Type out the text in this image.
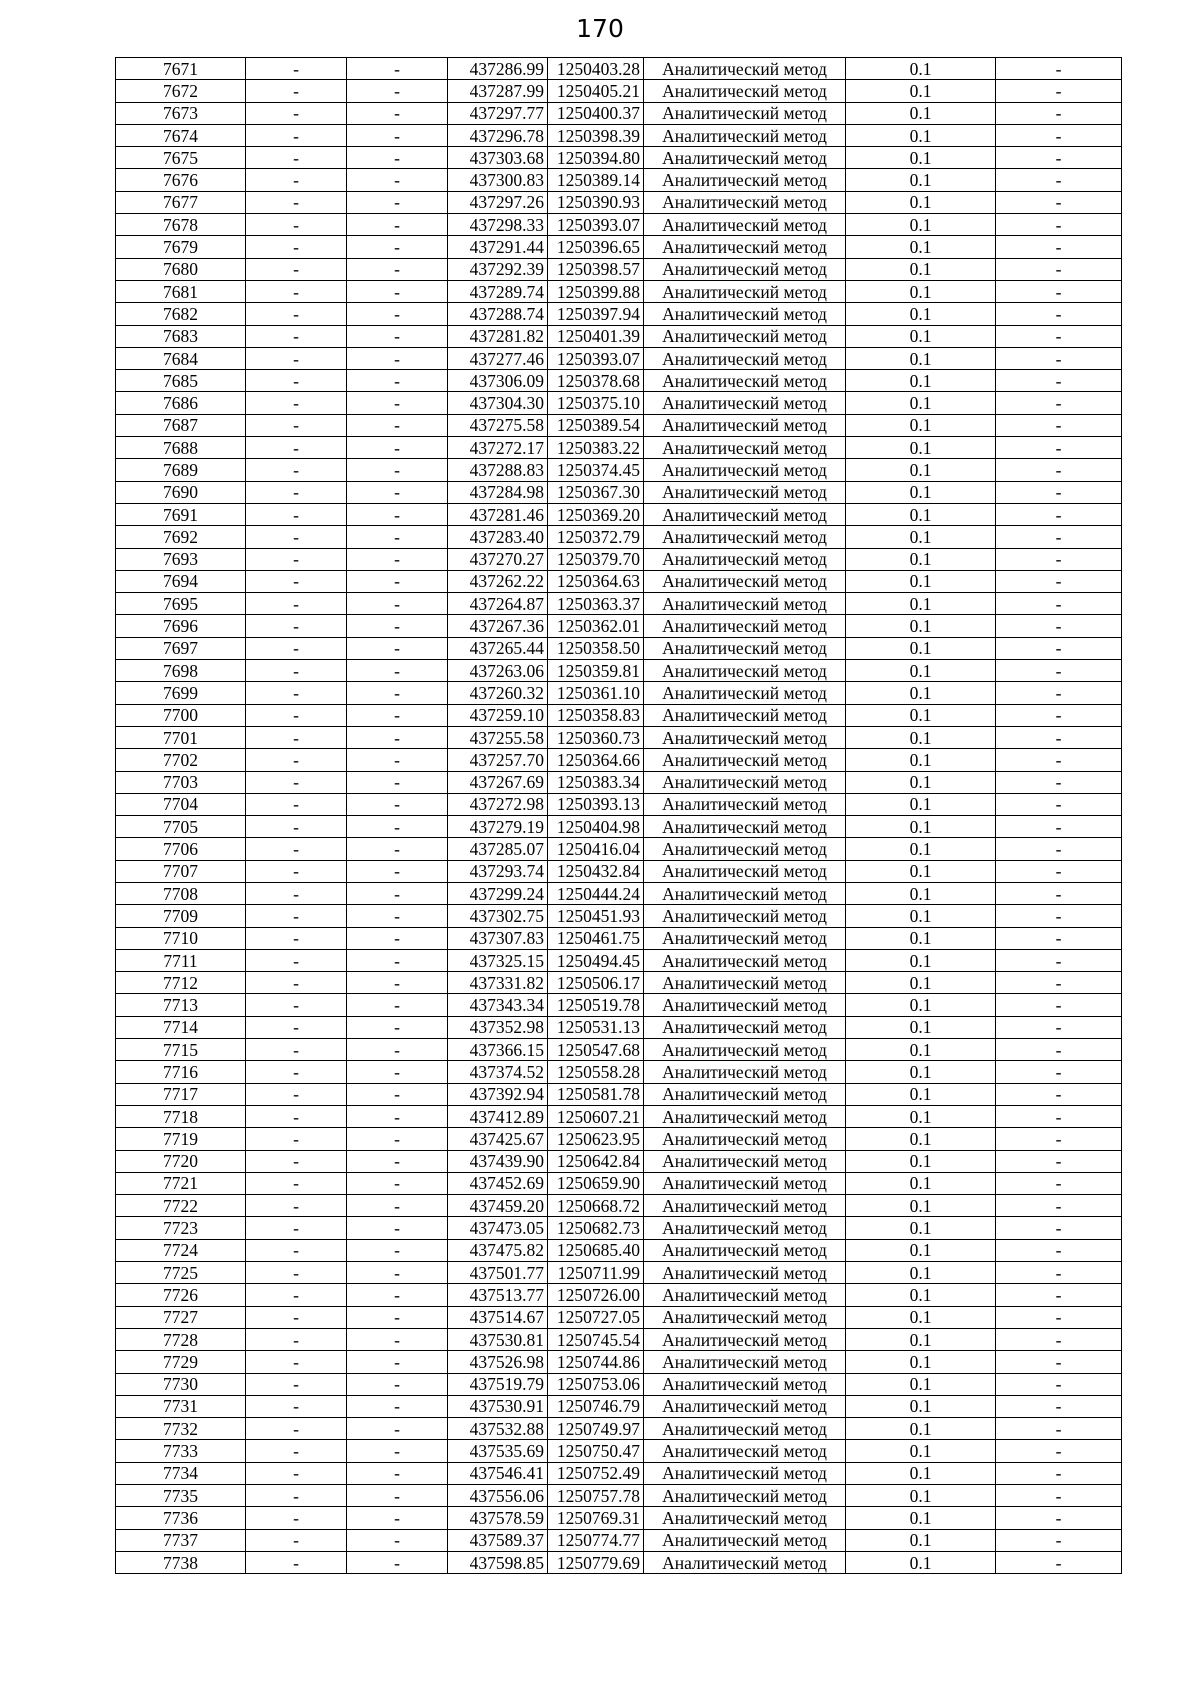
170
7671	-	-	437286.99	1250403.28	Аналитический метод	0.1	-
7672	-	-	437287.99	1250405.21	Аналитический метод	0.1	-
7673	-	-	437297.77	1250400.37	Аналитический метод	0.1	-
7674	-	-	437296.78	1250398.39	Аналитический метод	0.1	-
7675	-	-	437303.68	1250394.80	Аналитический метод	0.1	-
7676	-	-	437300.83	1250389.14	Аналитический метод	0.1	-
7677	-	-	437297.26	1250390.93	Аналитический метод	0.1	-
7678	-	-	437298.33	1250393.07	Аналитический метод	0.1	-
7679	-	-	437291.44	1250396.65	Аналитический метод	0.1	-
7680	-	-	437292.39	1250398.57	Аналитический метод	0.1	-
7681	-	-	437289.74	1250399.88	Аналитический метод	0.1	-
7682	-	-	437288.74	1250397.94	Аналитический метод	0.1	-
7683	-	-	437281.82	1250401.39	Аналитический метод	0.1	-
7684	-	-	437277.46	1250393.07	Аналитический метод	0.1	-
7685	-	-	437306.09	1250378.68	Аналитический метод	0.1	-
7686	-	-	437304.30	1250375.10	Аналитический метод	0.1	-
7687	-	-	437275.58	1250389.54	Аналитический метод	0.1	-
7688	-	-	437272.17	1250383.22	Аналитический метод	0.1	-
7689	-	-	437288.83	1250374.45	Аналитический метод	0.1	-
7690	-	-	437284.98	1250367.30	Аналитический метод	0.1	-
7691	-	-	437281.46	1250369.20	Аналитический метод	0.1	-
7692	-	-	437283.40	1250372.79	Аналитический метод	0.1	-
7693	-	-	437270.27	1250379.70	Аналитический метод	0.1	-
7694	-	-	437262.22	1250364.63	Аналитический метод	0.1	-
7695	-	-	437264.87	1250363.37	Аналитический метод	0.1	-
7696	-	-	437267.36	1250362.01	Аналитический метод	0.1	-
7697	-	-	437265.44	1250358.50	Аналитический метод	0.1	-
7698	-	-	437263.06	1250359.81	Аналитический метод	0.1	-
7699	-	-	437260.32	1250361.10	Аналитический метод	0.1	-
7700	-	-	437259.10	1250358.83	Аналитический метод	0.1	-
7701	-	-	437255.58	1250360.73	Аналитический метод	0.1	-
7702	-	-	437257.70	1250364.66	Аналитический метод	0.1	-
7703	-	-	437267.69	1250383.34	Аналитический метод	0.1	-
7704	-	-	437272.98	1250393.13	Аналитический метод	0.1	-
7705	-	-	437279.19	1250404.98	Аналитический метод	0.1	-
7706	-	-	437285.07	1250416.04	Аналитический метод	0.1	-
7707	-	-	437293.74	1250432.84	Аналитический метод	0.1	-
7708	-	-	437299.24	1250444.24	Аналитический метод	0.1	-
7709	-	-	437302.75	1250451.93	Аналитический метод	0.1	-
7710	-	-	437307.83	1250461.75	Аналитический метод	0.1	-
7711	-	-	437325.15	1250494.45	Аналитический метод	0.1	-
7712	-	-	437331.82	1250506.17	Аналитический метод	0.1	-
7713	-	-	437343.34	1250519.78	Аналитический метод	0.1	-
7714	-	-	437352.98	1250531.13	Аналитический метод	0.1	-
7715	-	-	437366.15	1250547.68	Аналитический метод	0.1	-
7716	-	-	437374.52	1250558.28	Аналитический метод	0.1	-
7717	-	-	437392.94	1250581.78	Аналитический метод	0.1	-
7718	-	-	437412.89	1250607.21	Аналитический метод	0.1	-
7719	-	-	437425.67	1250623.95	Аналитический метод	0.1	-
7720	-	-	437439.90	1250642.84	Аналитический метод	0.1	-
7721	-	-	437452.69	1250659.90	Аналитический метод	0.1	-
7722	-	-	437459.20	1250668.72	Аналитический метод	0.1	-
7723	-	-	437473.05	1250682.73	Аналитический метод	0.1	-
7724	-	-	437475.82	1250685.40	Аналитический метод	0.1	-
7725	-	-	437501.77	1250711.99	Аналитический метод	0.1	-
7726	-	-	437513.77	1250726.00	Аналитический метод	0.1	-
7727	-	-	437514.67	1250727.05	Аналитический метод	0.1	-
7728	-	-	437530.81	1250745.54	Аналитический метод	0.1	-
7729	-	-	437526.98	1250744.86	Аналитический метод	0.1	-
7730	-	-	437519.79	1250753.06	Аналитический метод	0.1	-
7731	-	-	437530.91	1250746.79	Аналитический метод	0.1	-
7732	-	-	437532.88	1250749.97	Аналитический метод	0.1	-
7733	-	-	437535.69	1250750.47	Аналитический метод	0.1	-
7734	-	-	437546.41	1250752.49	Аналитический метод	0.1	-
7735	-	-	437556.06	1250757.78	Аналитический метод	0.1	-
7736	-	-	437578.59	1250769.31	Аналитический метод	0.1	-
7737	-	-	437589.37	1250774.77	Аналитический метод	0.1	-
7738	-	-	437598.85	1250779.69	Аналитический метод	0.1	-
